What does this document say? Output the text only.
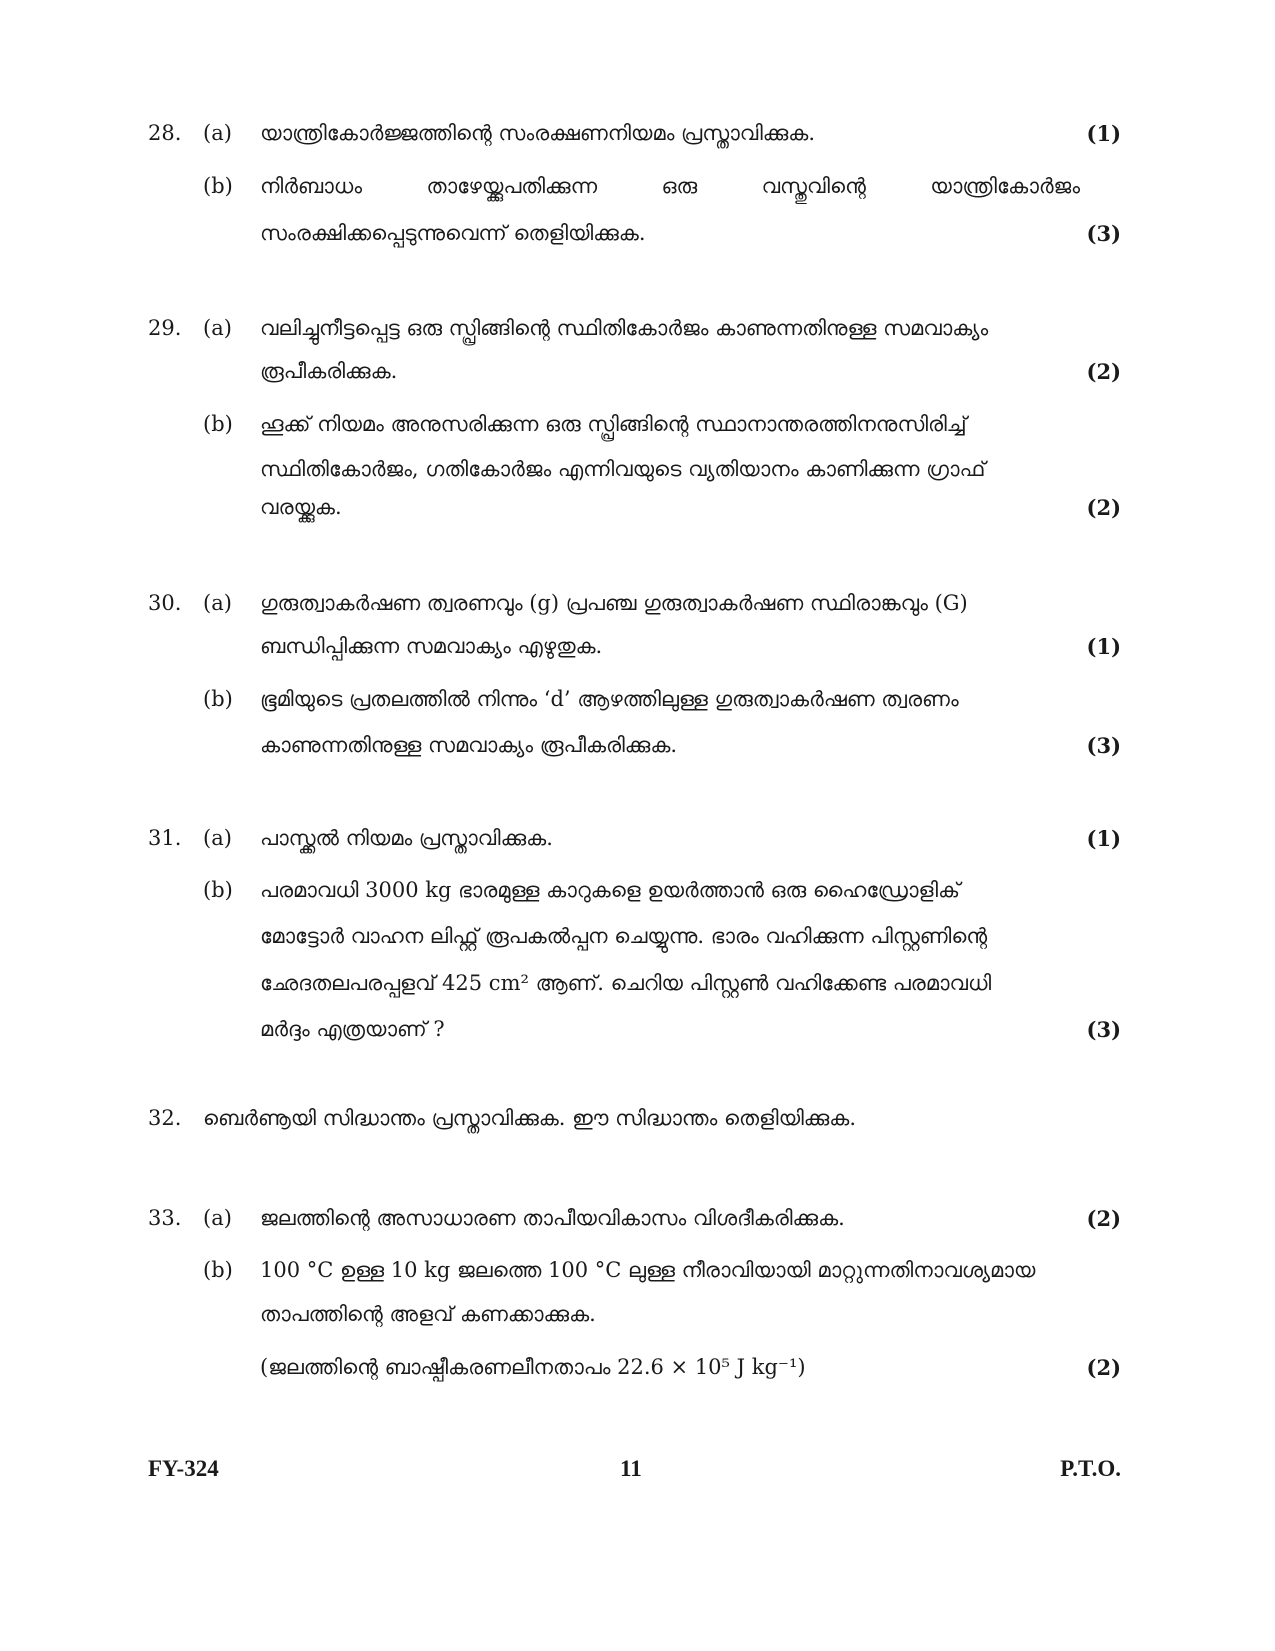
28.	(a)	യാന്ത്രികോർജ്ജത്തിന്റെ സംരക്ഷണനിയമം പ്രസ്താവിക്കുക.	(1)
(b)	നിർബാധം താഴേയ്ക്കുപതിക്കുന്ന ഒരു വസ്തുവിന്റെ യാന്ത്രികോർജം
സംരക്ഷിക്കപ്പെടുന്നുവെന്ന് തെളിയിക്കുക.	(3)
29.	(a)	വലിച്ചുനീട്ടപ്പെട്ട ഒരു സ്പ്രിങ്ങിന്റെ സ്ഥിതികോർജം കാണുന്നതിനുള്ള സമവാക്യം
രൂപീകരിക്കുക.	(2)
(b)	ഹൂക്ക് നിയമം അനുസരിക്കുന്ന ഒരു സ്പ്രിങ്ങിന്റെ സ്ഥാനാന്തരത്തിനനുസിരിച്ച്
സ്ഥിതികോർജം, ഗതികോർജം എന്നിവയുടെ വ്യതിയാനം കാണിക്കുന്ന ഗ്രാഫ്
വരയ്ക്കുക.	(2)
30.	(a)	ഗുരുത്വാകർഷണ ത്വരണവും (g) പ്രപഞ്ച ഗുരുത്വാകർഷണ സ്ഥിരാങ്കവും (G)
ബന്ധിപ്പിക്കുന്ന സമവാക്യം എഴുതുക.	(1)
(b)	ഭൂമിയുടെ പ്രതലത്തിൽ നിന്നും ‘d’ ആഴത്തിലുള്ള ഗുരുത്വാകർഷണ ത്വരണം
കാണുന്നതിനുള്ള സമവാക്യം രൂപീകരിക്കുക.	(3)
31.	(a)	പാസ്ക്കൽ നിയമം പ്രസ്താവിക്കുക.	(1)
(b)	പരമാവധി 3000 kg ഭാരമുള്ള കാറുകളെ ഉയർത്താൻ ഒരു ഹൈഡ്രോളിക്
മോട്ടോർ വാഹന ലിഫ്റ്റ് രൂപകൽപ്പന ചെയ്യുന്നു. ഭാരം വഹിക്കുന്ന പിസ്റ്റണിന്റെ
ഛേദതലപരപ്പളവ് 425 cm² ആണ്. ചെറിയ പിസ്റ്റൺ വഹിക്കേണ്ട പരമാവധി
മർദ്ദം എത്രയാണ് ?	(3)
32.	ബെർണൂയി സിദ്ധാന്തം പ്രസ്താവിക്കുക. ഈ സിദ്ധാന്തം തെളിയിക്കുക.
33.	(a)	ജലത്തിന്റെ അസാധാരണ താപീയവികാസം വിശദീകരിക്കുക.	(2)
(b)	100 °C ഉള്ള 10 kg ജലത്തെ 100 °C ലുള്ള നീരാവിയായി മാറ്റുന്നതിനാവശ്യമായ
താപത്തിന്റെ അളവ് കണക്കാക്കുക.
(ജലത്തിന്റെ ബാഷ്പീകരണലീനതാപം 22.6 × 10⁵ J kg⁻¹)	(2)
FY-324	11	P.T.O.
